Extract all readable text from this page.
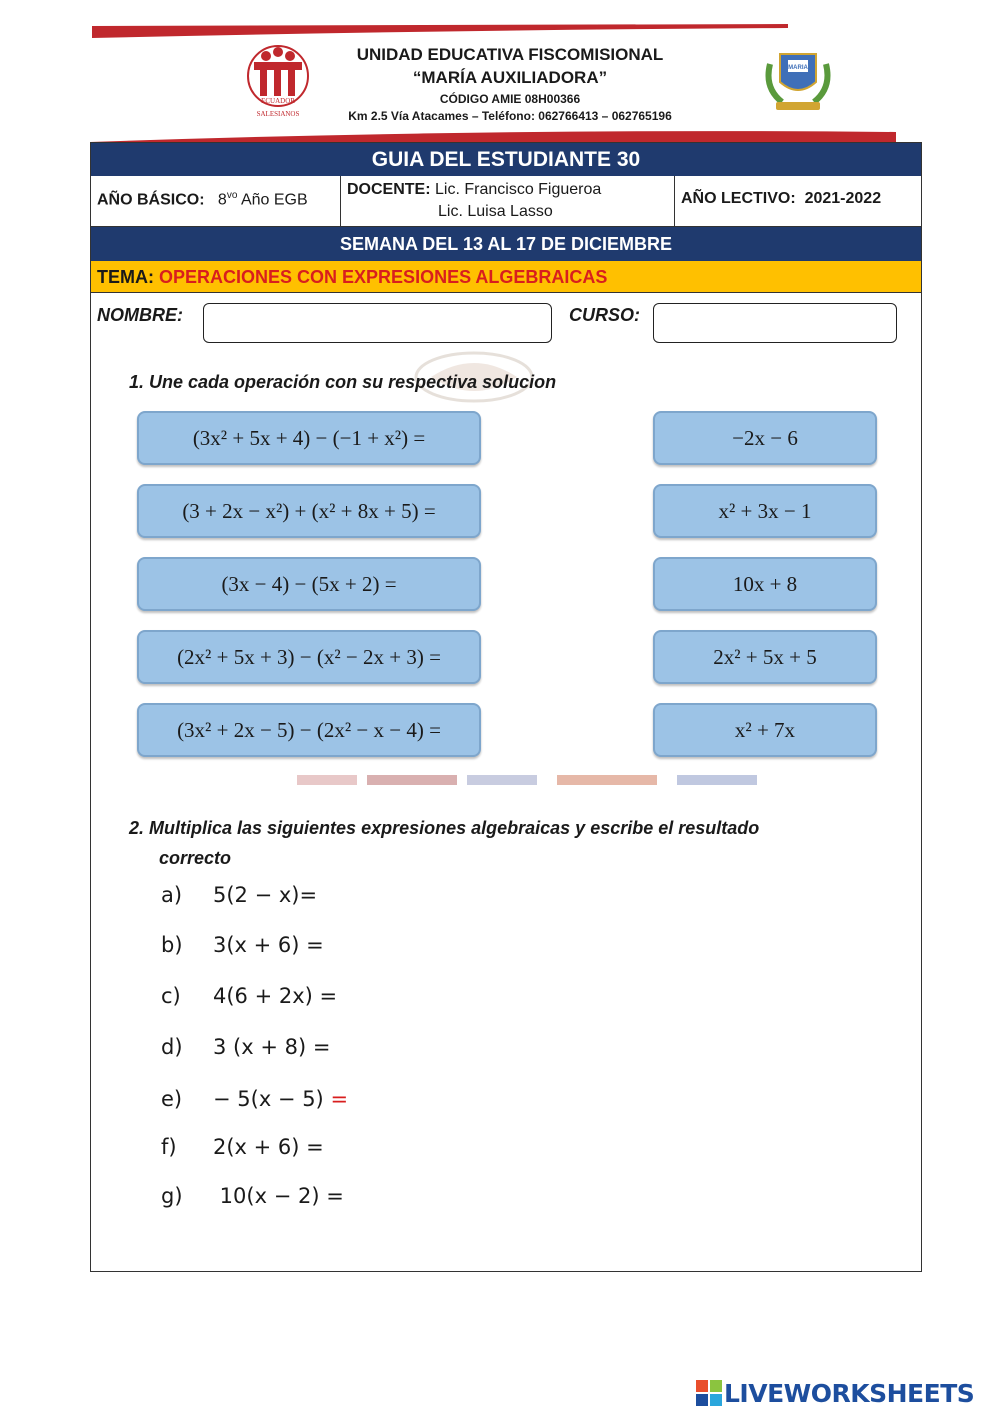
ECUADOR
SALESIANOS
UNIDAD EDUCATIVA FISCOMISIONAL
“MARÍA AUXILIADORA”
CÓDIGO AMIE 08H00366
Km 2.5 Vía Atacames – Teléfono: 062766413 – 062765196
MARIA
GUIA DEL ESTUDIANTE 30
AÑO BÁSICO: $8^{vo}$ Año EGB
DOCENTE: Lic. Francisco Figueroa
Lic. Luisa Lasso
AÑO LECTIVO: 2021-2022
SEMANA DEL 13 AL 17 DE DICIEMBRE
TEMA: OPERACIONES CON EXPRESIONES ALGEBRAICAS
NOMBRE:	CURSO:
1. Une cada operación con su respectiva solucion
(3x² + 5x + 4) − (−1 + x²) =
(3 + 2x − x²) + (x² + 8x + 5) =
(3x − 4) − (5x + 2) =
(2x² + 5x + 3) − (x² − 2x + 3) =
(3x² + 2x − 5) − (2x² − x − 4) =
−2x − 6
x² + 3x − 1
10x + 8
2x² + 5x + 5
x² + 7x
2. Multiplica las siguientes expresiones algebraicas y escribe el resultado
correcto
a) 5(2 − x)=
b) 3(x + 6) =
c) 4(6 + 2x) =
d) 3 (x + 8) =
e) − 5(x − 5) =
f) 2(x + 6) =
g) 10(x − 2) =
LIVEWORKSHEETS
